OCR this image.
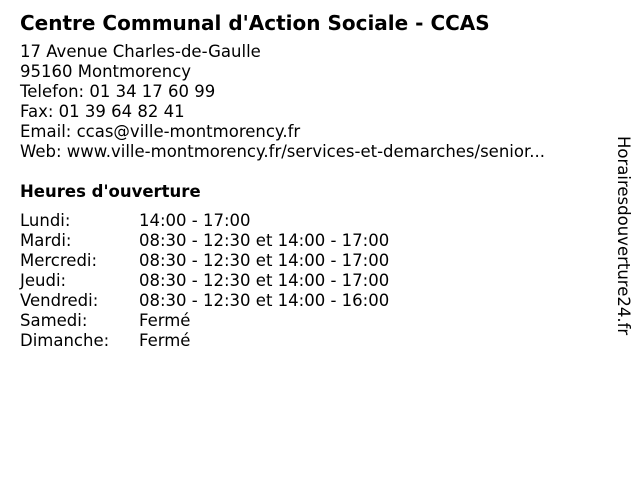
Centre Communal d'Action Sociale - CCAS
17 Avenue Charles-de-Gaulle
95160 Montmorency
Telefon: 01 34 17 60 99
Fax: 01 39 64 82 41
Email: ccas@ville-montmorency.fr
Web: www.ville-montmorency.fr/services-et-demarches/senior...
Heures d'ouverture
Lundi:	14:00 - 17:00
Mardi:	08:30 - 12:30 et 14:00 - 17:00
Mercredi:	08:30 - 12:30 et 14:00 - 17:00
Jeudi:	08:30 - 12:30 et 14:00 - 17:00
Vendredi:	08:30 - 12:30 et 14:00 - 16:00
Samedi:	Fermé
Dimanche:	Fermé
Horairesdouverture24.fr
